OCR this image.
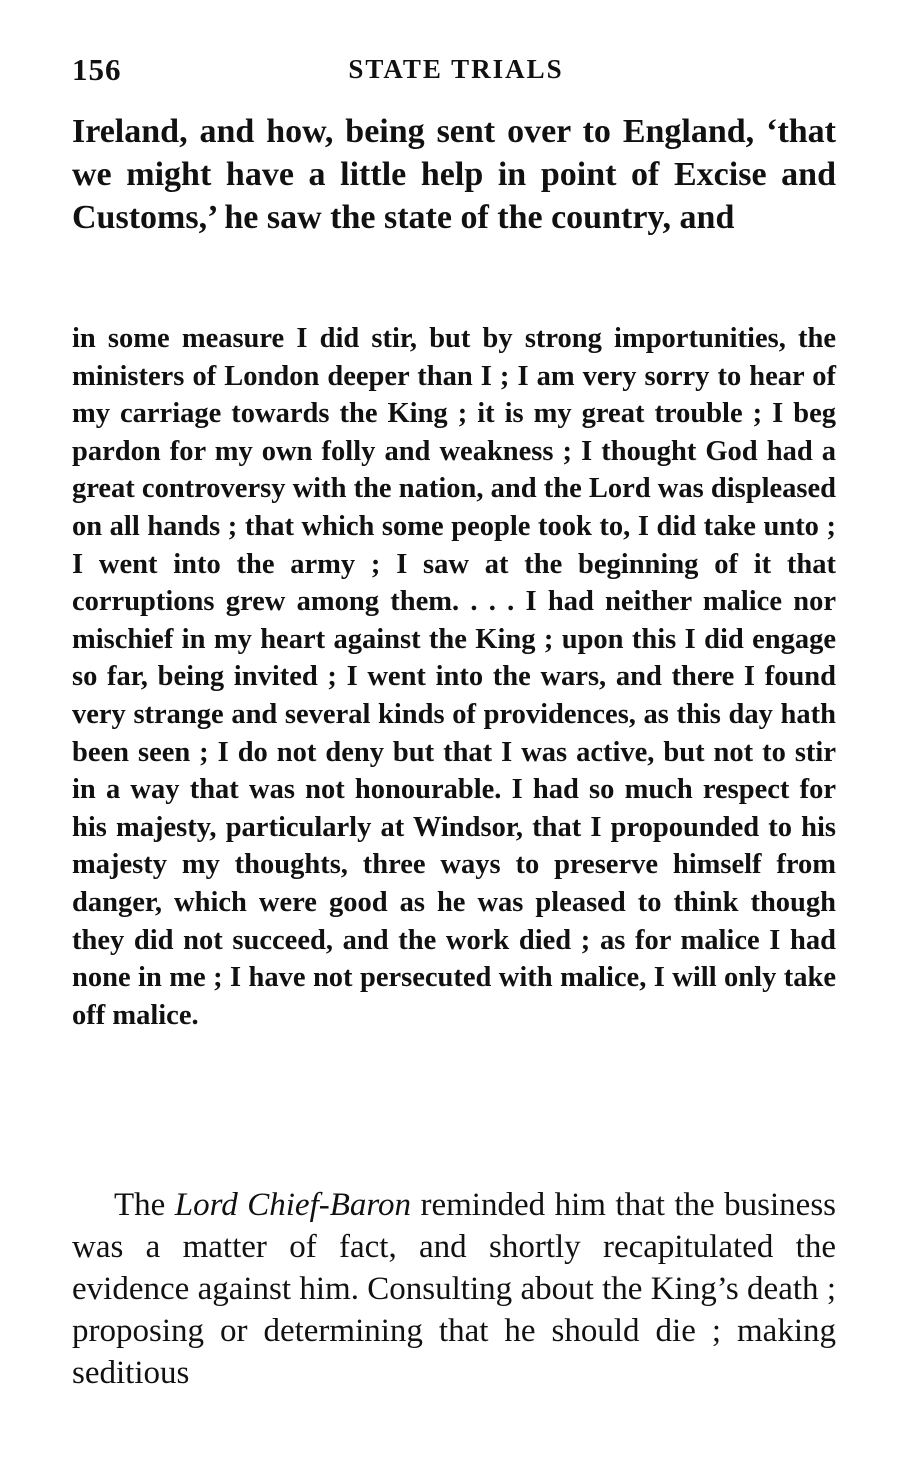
156	STATE TRIALS

Ireland, and how, being sent over to England, ‘that we might have a little help in point of Excise and Customs,’ he saw the state of the country, and

in some measure I did stir, but by strong importunities, the ministers of London deeper than I ; I am very sorry to hear of my carriage towards the King ; it is my great trouble ; I beg pardon for my own folly and weakness ; I thought God had a great controversy with the nation, and the Lord was displeased on all hands ; that which some people took to, I did take unto ; I went into the army ; I saw at the beginning of it that corruptions grew among them. . . . I had neither malice nor mischief in my heart against the King ; upon this I did engage so far, being invited ; I went into the wars, and there I found very strange and several kinds of providences, as this day hath been seen ; I do not deny but that I was active, but not to stir in a way that was not honourable. I had so much respect for his majesty, particularly at Windsor, that I propounded to his majesty my thoughts, three ways to preserve himself from danger, which were good as he was pleased to think though they did not succeed, and the work died ; as for malice I had none in me ; I have not persecuted with malice, I will only take off malice.

The Lord Chief-Baron reminded him that the business was a matter of fact, and shortly recapitulated the evidence against him. Consulting about the King’s death ; proposing or determining that he should die ; making seditious
